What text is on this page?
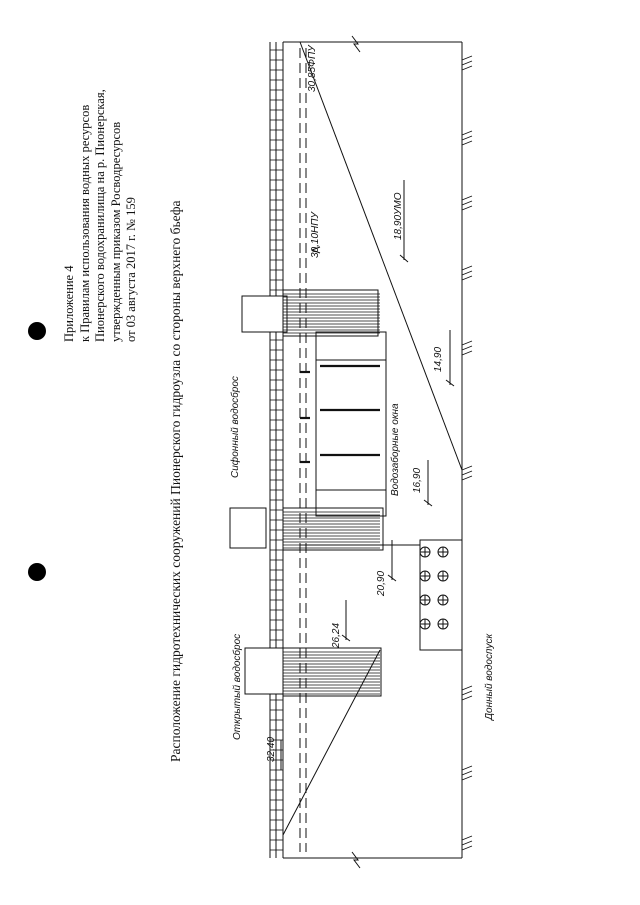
Приложение 4 к Правилам использования водных ресурсов Пионерского водохранилища на р. Пионерская, утвержденным приказом Росводресурсов от 03 августа 2017 г. № 159 Расположение гидротехнических сооружений Пионерского гидроузла со стороны верхнего бьефа
30,85ФПУ
30,10НПУ	18,90УМО
14,90
16,90
20,90
26,24
32,40
Сифонный водосброс
Открытый водосброс
Водозаборные окна
Донный водоспуск
